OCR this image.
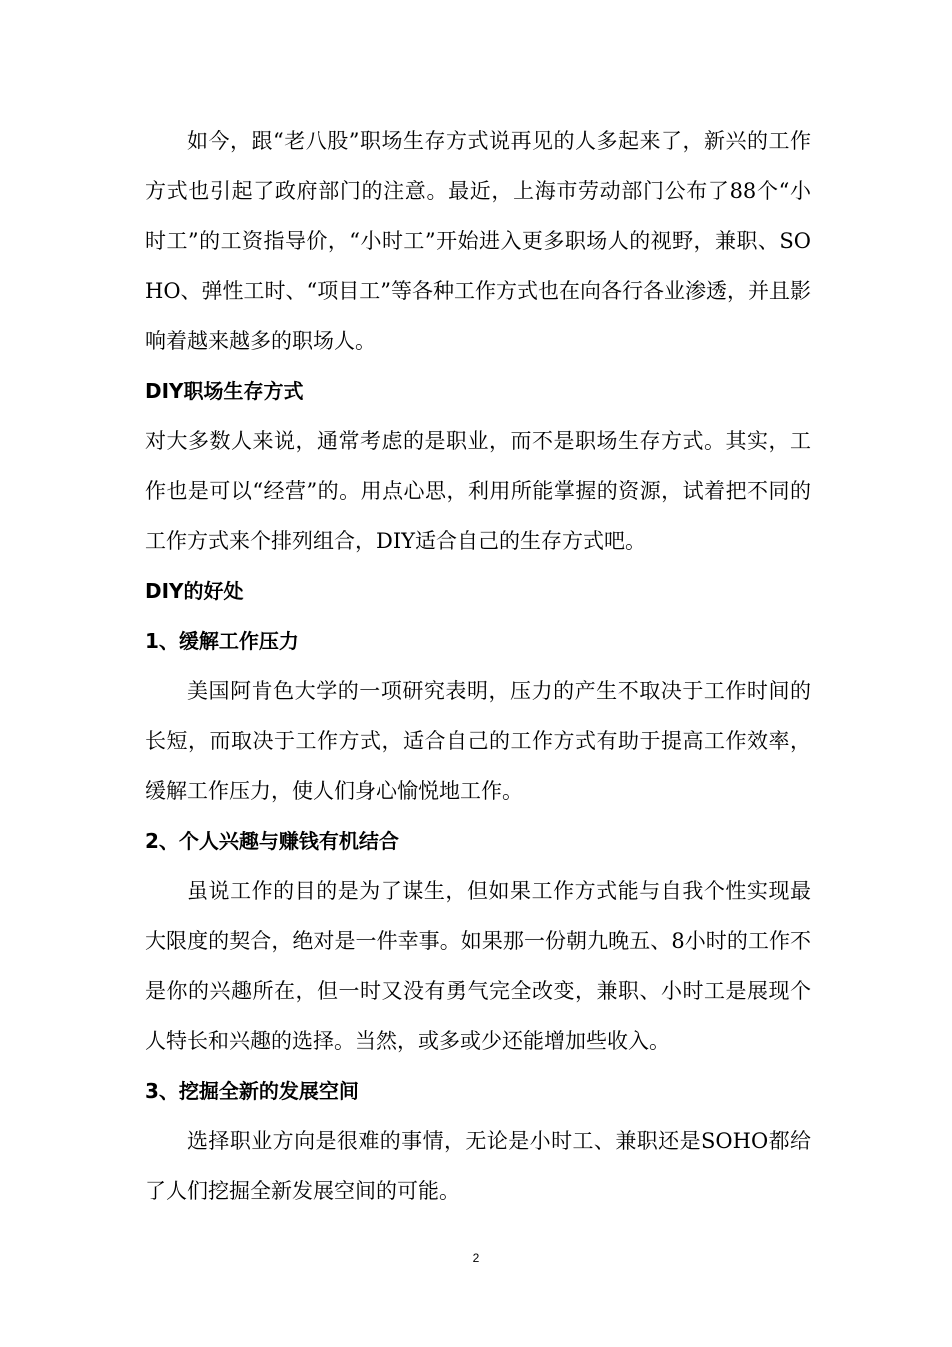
如今，跟“老八股”职场生存方式说再见的人多起来了，新兴的工作方式也引起了政府部门的注意。最近，上海市劳动部门公布了88个“小时工”的工资指导价，“小时工”开始进入更多职场人的视野，兼职、SOHO、弹性工时、“项目工”等各种工作方式也在向各行各业渗透，并且影响着越来越多的职场人。

DIY职场生存方式

对大多数人来说，通常考虑的是职业，而不是职场生存方式。其实，工作也是可以“经营”的。用点心思，利用所能掌握的资源，试着把不同的工作方式来个排列组合，DIY适合自己的生存方式吧。

DIY的好处
1、缓解工作压力

美国阿肯色大学的一项研究表明，压力的产生不取决于工作时间的长短，而取决于工作方式，适合自己的工作方式有助于提高工作效率，缓解工作压力，使人们身心愉悦地工作。

2、个人兴趣与赚钱有机结合

虽说工作的目的是为了谋生，但如果工作方式能与自我个性实现最大限度的契合，绝对是一件幸事。如果那一份朝九晚五、8小时的工作不是你的兴趣所在，但一时又没有勇气完全改变，兼职、小时工是展现个人特长和兴趣的选择。当然，或多或少还能增加些收入。

3、挖掘全新的发展空间

选择职业方向是很难的事情，无论是小时工、兼职还是SOHO都给了人们挖掘全新发展空间的可能。

2
